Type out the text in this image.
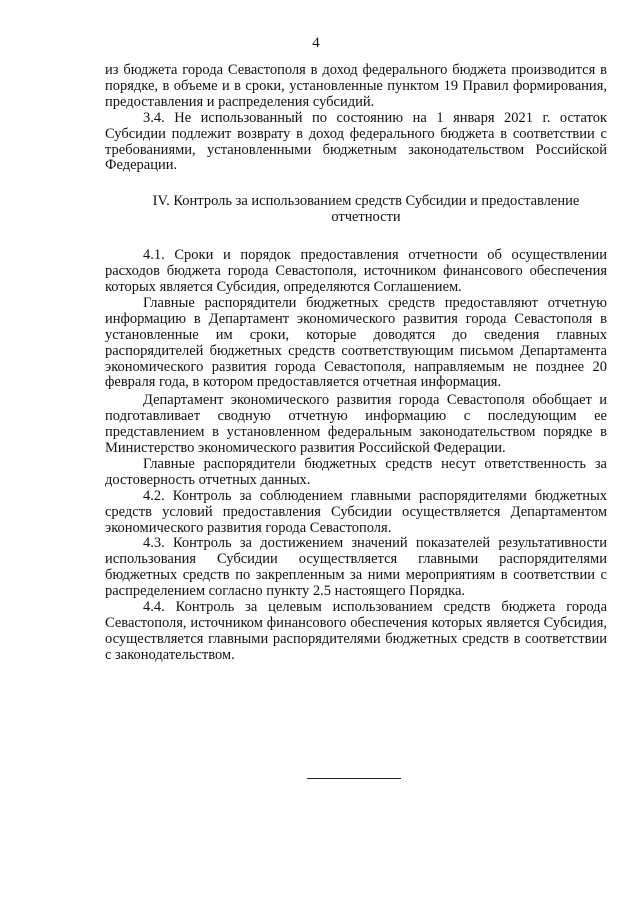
4

из бюджета города Севастополя в доход федерального бюджета производится в порядке, в объеме и в сроки, установленные пунктом 19 Правил формирования, предоставления и распределения субсидий.

3.4. Не использованный по состоянию на 1 января 2021 г. остаток Субсидии подлежит возврату в доход федерального бюджета в соответствии с требованиями, установленными бюджетным законодательством Российской Федерации.

IV. Контроль за использованием средств Субсидии и предоставление отчетности

4.1. Сроки и порядок предоставления отчетности об осуществлении расходов бюджета города Севастополя, источником финансового обеспечения которых является Субсидия, определяются Соглашением.

Главные распорядители бюджетных средств предоставляют отчетную информацию в Департамент экономического развития города Севастополя в установленные им сроки, которые доводятся до сведения главных распорядителей бюджетных средств соответствующим письмом Департамента экономического развития города Севастополя, направляемым не позднее 20 февраля года, в котором предоставляется отчетная информация.

Департамент экономического развития города Севастополя обобщает и подготавливает сводную отчетную информацию с последующим ее представлением в установленном федеральным законодательством порядке в Министерство экономического развития Российской Федерации.

Главные распорядители бюджетных средств несут ответственность за достоверность отчетных данных.

4.2. Контроль за соблюдением главными распорядителями бюджетных средств условий предоставления Субсидии осуществляется Департаментом экономического развития города Севастополя.

4.3. Контроль за достижением значений показателей результативности использования Субсидии осуществляется главными распорядителями бюджетных средств по закрепленным за ними мероприятиям в соответствии с распределением согласно пункту 2.5 настоящего Порядка.

4.4. Контроль за целевым использованием средств бюджета города Севастополя, источником финансового обеспечения которых является Субсидия, осуществляется главными распорядителями бюджетных средств в соответствии с законодательством.
